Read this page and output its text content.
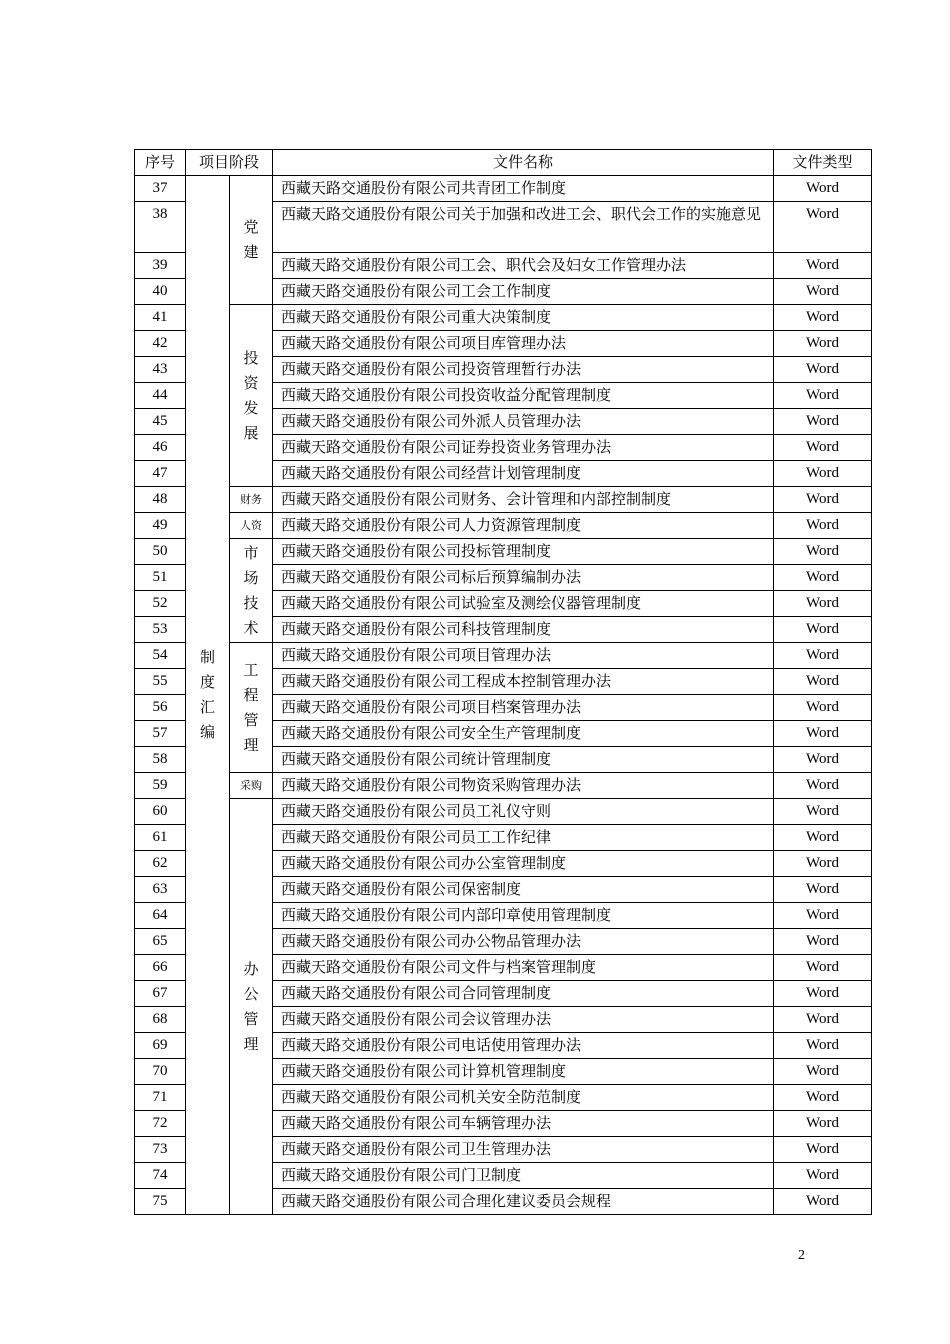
序号	项目阶段		文件名称	文件类型
37	制度汇编	党建	西藏天路交通股份有限公司共青团工作制度	Word
38			西藏天路交通股份有限公司关于加强和改进工会、职代会工作的实施意见	Word
39			西藏天路交通股份有限公司工会、职代会及妇女工作管理办法	Word
40			西藏天路交通股份有限公司工会工作制度	Word
41		投资发展	西藏天路交通股份有限公司重大决策制度	Word
42			西藏天路交通股份有限公司项目库管理办法	Word
43			西藏天路交通股份有限公司投资管理暂行办法	Word
44			西藏天路交通股份有限公司投资收益分配管理制度	Word
45			西藏天路交通股份有限公司外派人员管理办法	Word
46			西藏天路交通股份有限公司证券投资业务管理办法	Word
47			西藏天路交通股份有限公司经营计划管理制度	Word
48		财务	西藏天路交通股份有限公司财务、会计管理和内部控制制度	Word
49		人资	西藏天路交通股份有限公司人力资源管理制度	Word
50		市场技术	西藏天路交通股份有限公司投标管理制度	Word
51			西藏天路交通股份有限公司标后预算编制办法	Word
52			西藏天路交通股份有限公司试验室及测绘仪器管理制度	Word
53			西藏天路交通股份有限公司科技管理制度	Word
54		工程管理	西藏天路交通股份有限公司项目管理办法	Word
55			西藏天路交通股份有限公司工程成本控制管理办法	Word
56			西藏天路交通股份有限公司项目档案管理办法	Word
57			西藏天路交通股份有限公司安全生产管理制度	Word
58			西藏天路交通股份有限公司统计管理制度	Word
59		采购	西藏天路交通股份有限公司物资采购管理办法	Word
60		办公管理	西藏天路交通股份有限公司员工礼仪守则	Word
61			西藏天路交通股份有限公司员工工作纪律	Word
62			西藏天路交通股份有限公司办公室管理制度	Word
63			西藏天路交通股份有限公司保密制度	Word
64			西藏天路交通股份有限公司内部印章使用管理制度	Word
65			西藏天路交通股份有限公司办公物品管理办法	Word
66			西藏天路交通股份有限公司文件与档案管理制度	Word
67			西藏天路交通股份有限公司合同管理制度	Word
68			西藏天路交通股份有限公司会议管理办法	Word
69			西藏天路交通股份有限公司电话使用管理办法	Word
70			西藏天路交通股份有限公司计算机管理制度	Word
71			西藏天路交通股份有限公司机关安全防范制度	Word
72			西藏天路交通股份有限公司车辆管理办法	Word
73			西藏天路交通股份有限公司卫生管理办法	Word
74			西藏天路交通股份有限公司门卫制度	Word
75			西藏天路交通股份有限公司合理化建议委员会规程	Word
2
